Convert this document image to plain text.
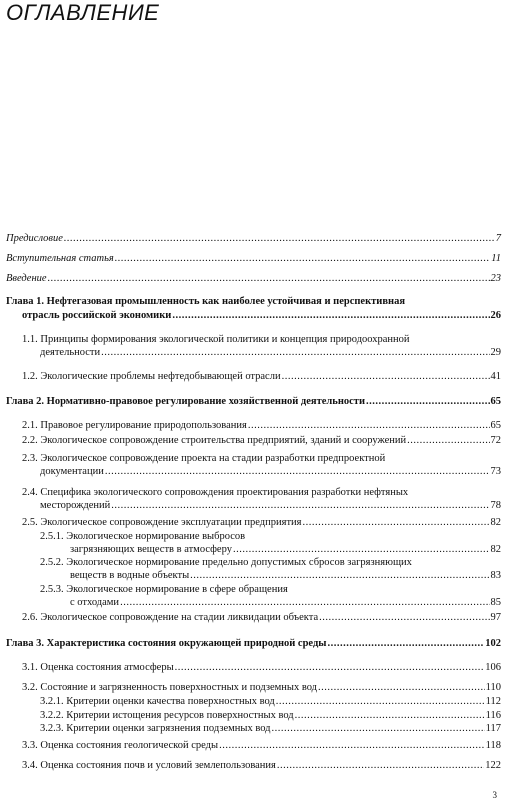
ОГЛАВЛЕНИЕ
Предисловие .....	7
Вступительная статья .....	11
Введение .....	23
Глава 1. Нефтегазовая промышленность как наиболее устойчивая и перспективная
отрасль российской экономики .....	26
1.1. Принципы формирования экологической политики и концепция природоохранной
деятельности .....	29
1.2. Экологические проблемы нефтедобывающей отрасли .....	41
Глава 2. Нормативно-правовое регулирование хозяйственной деятельности .....	65
2.1. Правовое регулирование природопользования .....	65
2.2. Экологическое сопровождение строительства предприятий, зданий и сооружений .....	72
2.3. Экологическое сопровождение проекта на стадии разработки предпроектной
документации .....	73
2.4. Специфика экологического сопровождения проектирования разработки нефтяных
месторождений .....	78
2.5. Экологическое сопровождение эксплуатации предприятия .....	82
2.5.1. Экологическое нормирование выбросов
загрязняющих веществ в атмосферу .....	82
2.5.2. Экологическое нормирование предельно допустимых сбросов загрязняющих
веществ в водные объекты .....	83
2.5.3. Экологическое нормирование в сфере обращения
с отходами .....	85
2.6. Экологическое сопровождение на стадии ликвидации объекта .....	97
Глава 3. Характеристика состояния окружающей природной среды .....	102
3.1. Оценка состояния атмосферы .....	106
3.2. Состояние и загрязненность поверхностных и подземных вод .....	110
3.2.1. Критерии оценки качества поверхностных вод .....	112
3.2.2. Критерии истощения ресурсов поверхностных вод .....	116
3.2.3. Критерии оценки загрязнения подземных вод .....	117
3.3. Оценка состояния геологической среды .....	118
3.4. Оценка состояния почв и условий землепользования .....	122
3
